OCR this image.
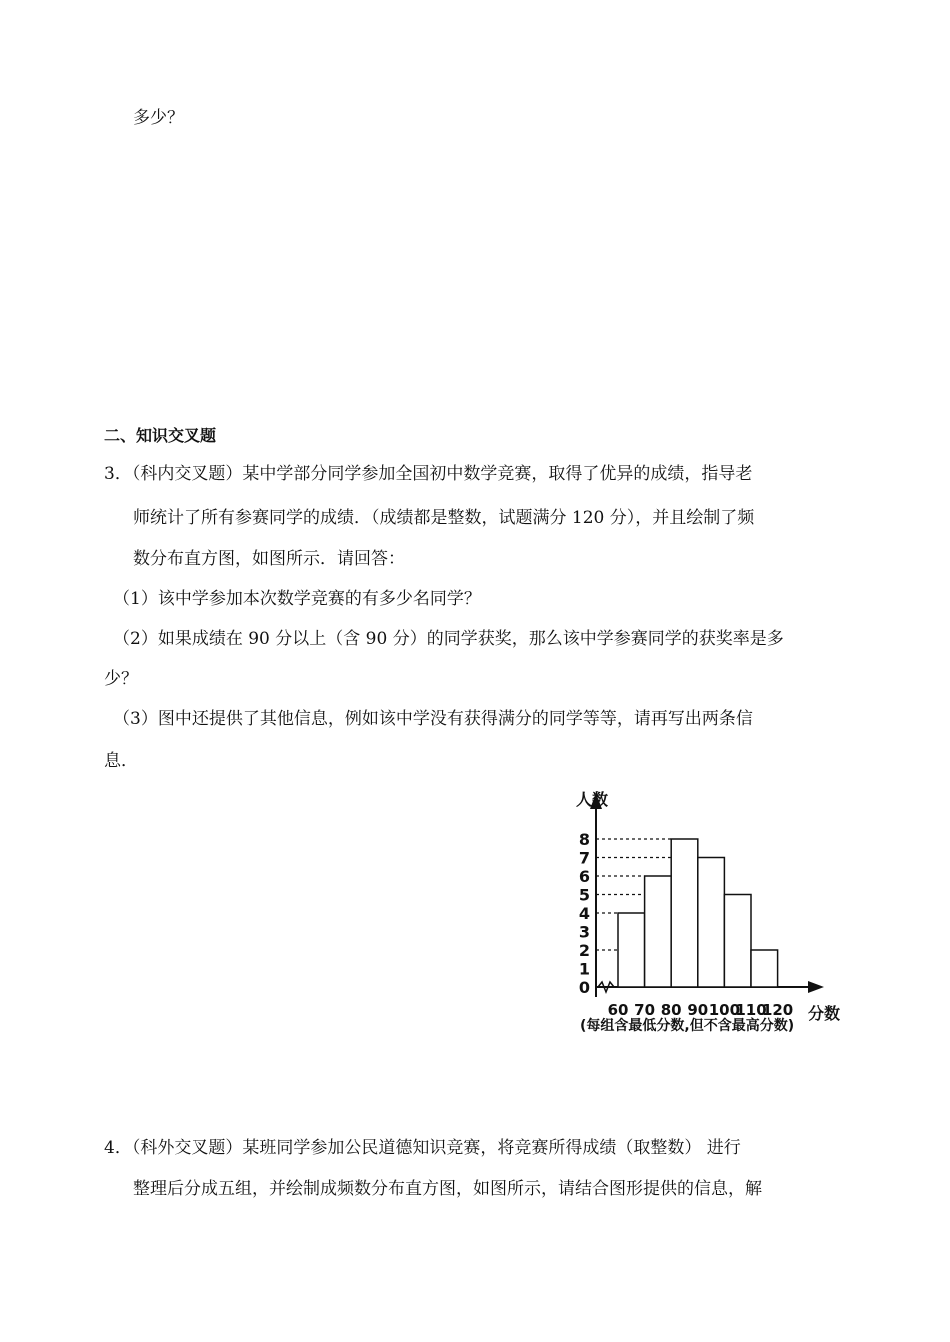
多少？
二、知识交叉题
3．（科内交叉题）某中学部分同学参加全国初中数学竞赛，取得了优异的成绩，指导老
师统计了所有参赛同学的成绩．（成绩都是整数，试题满分 120 分），并且绘制了频
数分布直方图，如图所示．请回答：
（1）该中学参加本次数学竞赛的有多少名同学？
（2）如果成绩在 90 分以上（含 90 分）的同学获奖，那么该中学参赛同学的获奖率是多
少？
（3）图中还提供了其他信息，例如该中学没有获得满分的同学等等，请再写出两条信
息．
人数
分数
(每组含最低分数,但不含最高分数)
0
1
2
3
4
5
6
7
8
60 70 80 90 100
110
120
4．（科外交叉题）某班同学参加公民道德知识竞赛，将竞赛所得成绩（取整数） 进行
整理后分成五组，并绘制成频数分布直方图，如图所示，请结合图形提供的信息，解
